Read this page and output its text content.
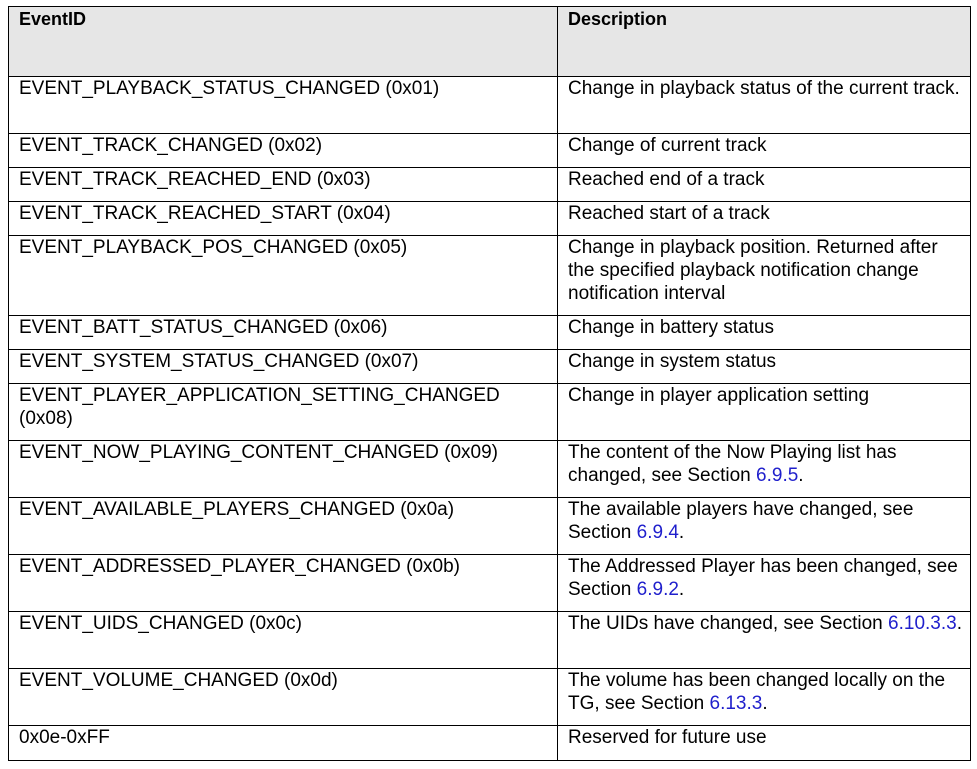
EventID	Description
EVENT_PLAYBACK_STATUS_CHANGED (0x01)	Change in playback status of the current track.
EVENT_TRACK_CHANGED (0x02)	Change of current track
EVENT_TRACK_REACHED_END (0x03)	Reached end of a track
EVENT_TRACK_REACHED_START (0x04)	Reached start of a track
EVENT_PLAYBACK_POS_CHANGED (0x05)	Change in playback position. Returned after the specified playback notification change notification interval
EVENT_BATT_STATUS_CHANGED (0x06)	Change in battery status
EVENT_SYSTEM_STATUS_CHANGED (0x07)	Change in system status
EVENT_PLAYER_APPLICATION_SETTING_CHANGED (0x08)	Change in player application setting
EVENT_NOW_PLAYING_CONTENT_CHANGED (0x09)	The content of the Now Playing list has changed, see Section 6.9.5.
EVENT_AVAILABLE_PLAYERS_CHANGED (0x0a)	The available players have changed, see Section 6.9.4.
EVENT_ADDRESSED_PLAYER_CHANGED (0x0b)	The Addressed Player has been changed, see Section 6.9.2.
EVENT_UIDS_CHANGED (0x0c)	The UIDs have changed, see Section 6.10.3.3.
EVENT_VOLUME_CHANGED (0x0d)	The volume has been changed locally on the TG, see Section 6.13.3.
0x0e-0xFF	Reserved for future use
